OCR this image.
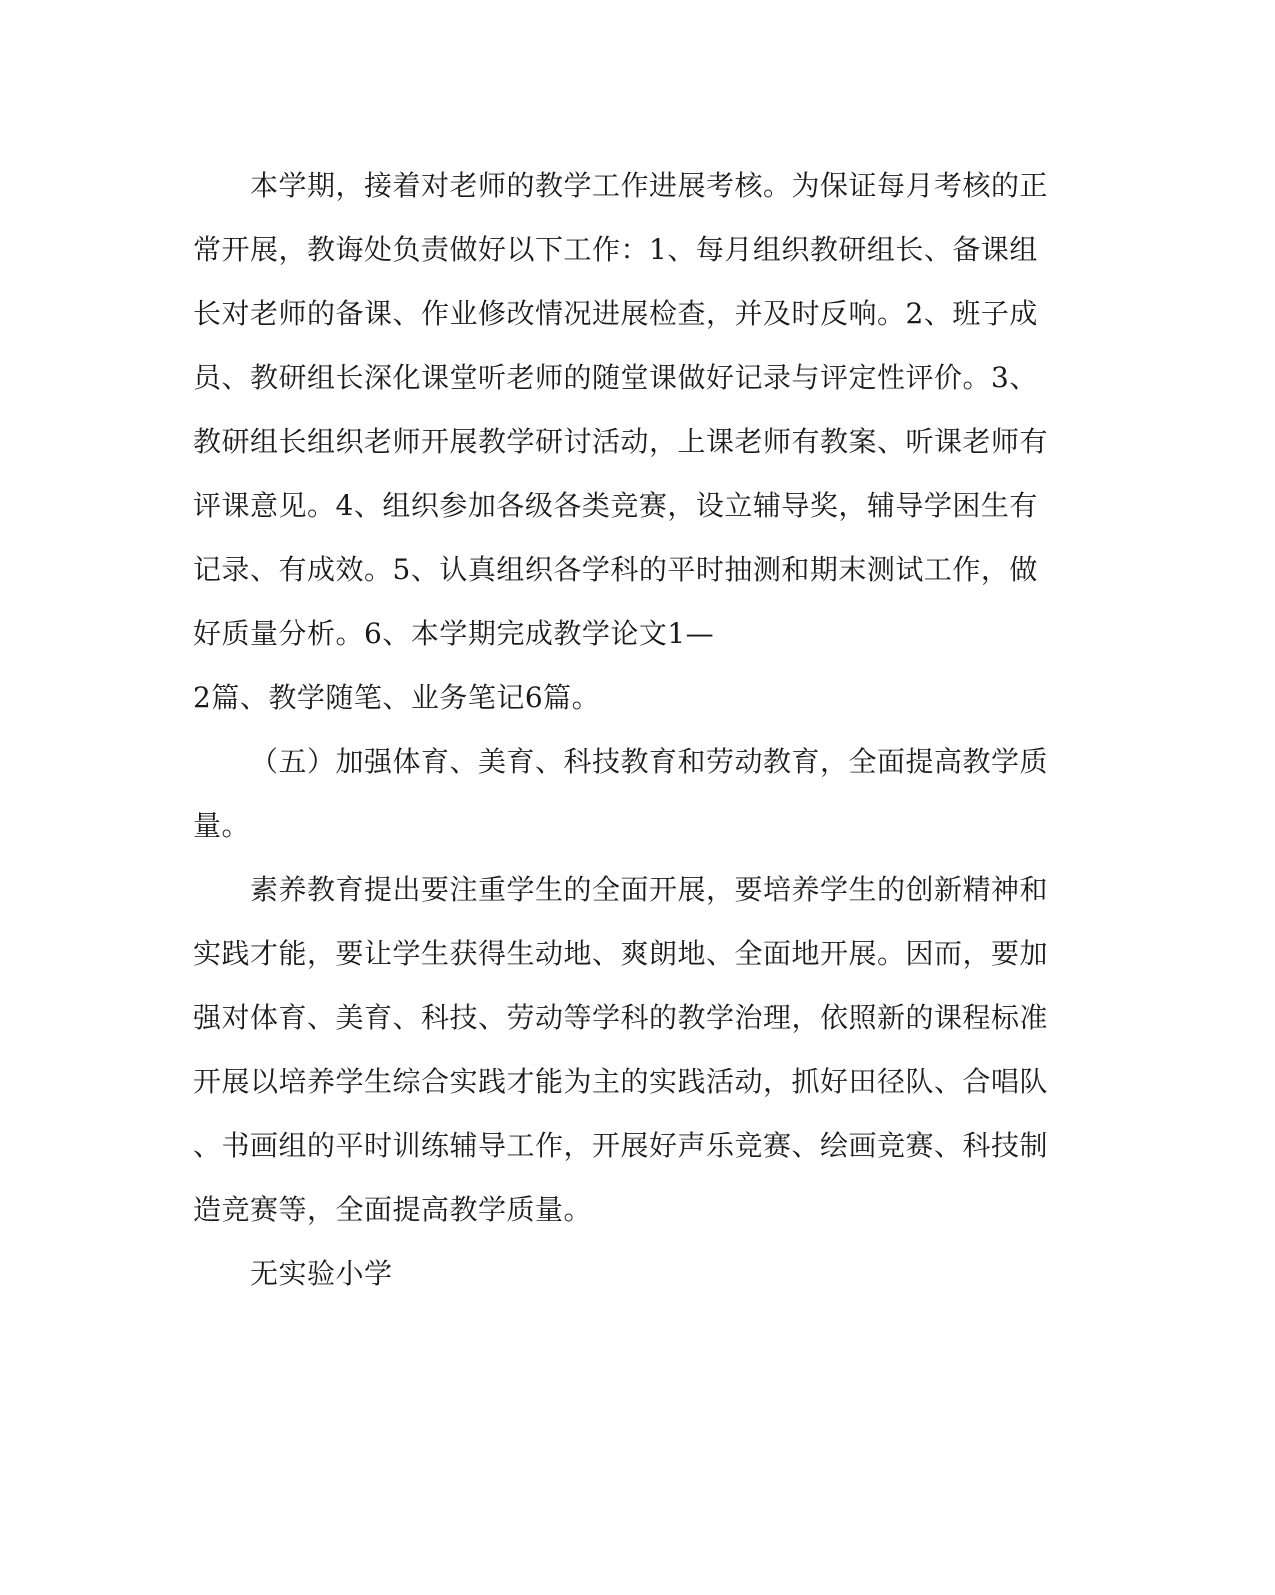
本学期，接着对老师的教学工作进展考核。为保证每月考核的正
常开展，教诲处负责做好以下工作：1、每月组织教研组长、备课组
长对老师的备课、作业修改情况进展检查，并及时反响。2、班子成
员、教研组长深化课堂听老师的随堂课做好记录与评定性评价。3、
教研组长组织老师开展教学研讨活动，上课老师有教案、听课老师有
评课意见。4、组织参加各级各类竞赛，设立辅导奖，辅导学困生有
记录、有成效。5、认真组织各学科的平时抽测和期末测试工作，做
好质量分析。6、本学期完成教学论文1—
2篇、教学随笔、业务笔记6篇。
（五）加强体育、美育、科技教育和劳动教育，全面提高教学质
量。
素养教育提出要注重学生的全面开展，要培养学生的创新精神和
实践才能，要让学生获得生动地、爽朗地、全面地开展。因而，要加
强对体育、美育、科技、劳动等学科的教学治理，依照新的课程标准
开展以培养学生综合实践才能为主的实践活动，抓好田径队、合唱队
、书画组的平时训练辅导工作，开展好声乐竞赛、绘画竞赛、科技制
造竞赛等，全面提高教学质量。
无实验小学
